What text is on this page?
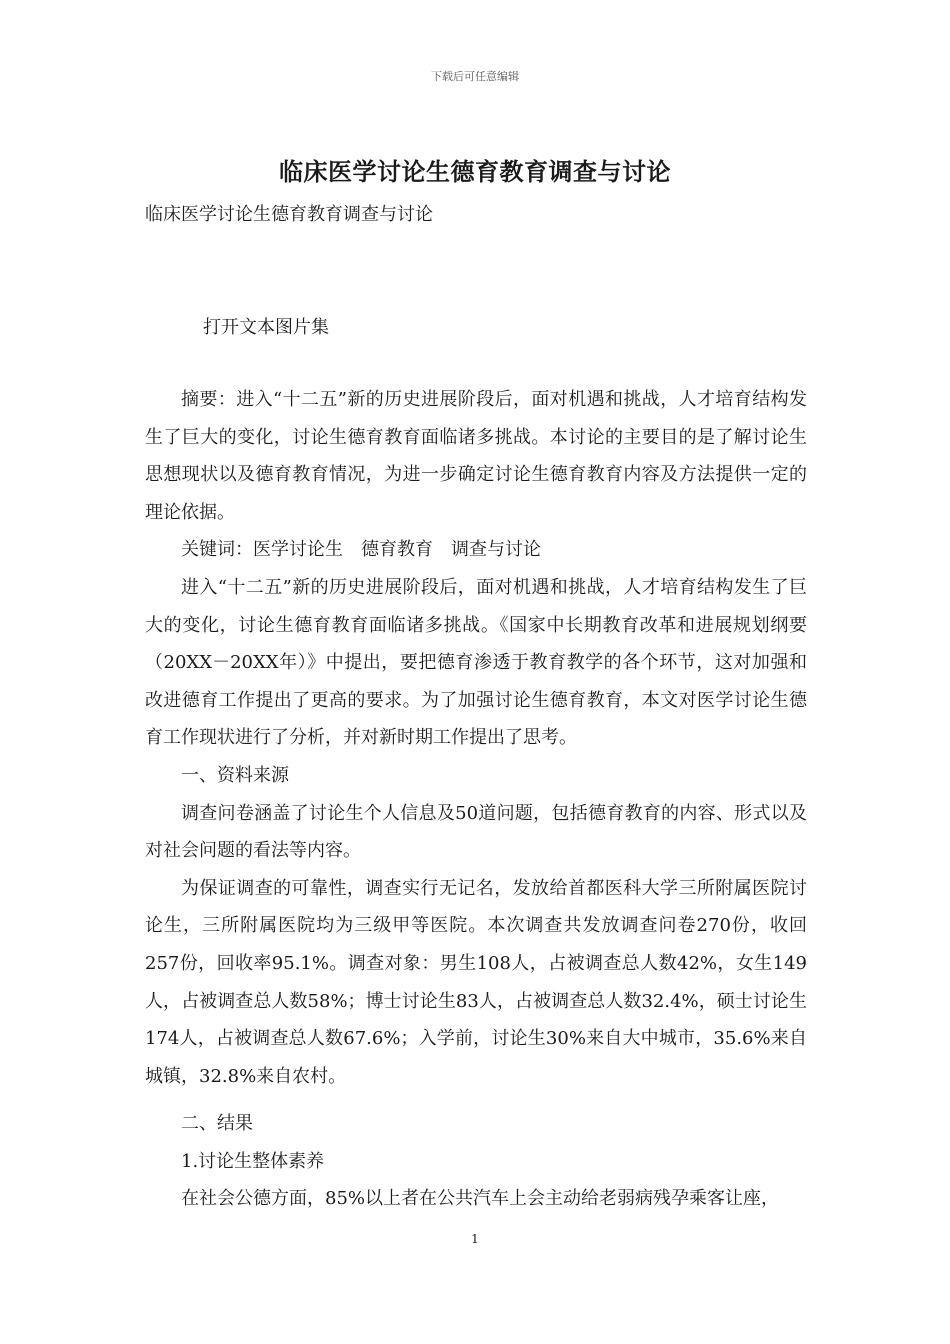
下载后可任意编辑
临床医学讨论生德育教育调查与讨论
临床医学讨论生德育教育调查与讨论
打开文本图片集

摘要：进入“十二五”新的历史进展阶段后，面对机遇和挑战，人才培育结构发生了巨大的变化，讨论生德育教育面临诸多挑战。本讨论的主要目的是了解讨论生思想现状以及德育教育情况，为进一步确定讨论生德育教育内容及方法提供一定的理论依据。

关键词：医学讨论生　德育教育　调查与讨论

进入“十二五”新的历史进展阶段后，面对机遇和挑战，人才培育结构发生了巨大的变化，讨论生德育教育面临诸多挑战。《国家中长期教育改革和进展规划纲要（20XX－20XX年）》中提出，要把德育渗透于教育教学的各个环节，这对加强和改进德育工作提出了更高的要求。为了加强讨论生德育教育，本文对医学讨论生德育工作现状进行了分析，并对新时期工作提出了思考。

一、资料来源

调查问卷涵盖了讨论生个人信息及50道问题，包括德育教育的内容、形式以及对社会问题的看法等内容。

为保证调查的可靠性，调查实行无记名，发放给首都医科大学三所附属医院讨论生，三所附属医院均为三级甲等医院。本次调查共发放调查问卷270份，收回257份，回收率95.1%。调查对象：男生108人，占被调查总人数42%，女生149人，占被调查总人数58%；博士讨论生83人，占被调查总人数32.4%，硕士讨论生174人，占被调查总人数67.6%；入学前，讨论生30%来自大中城市，35.6%来自城镇，32.8%来自农村。

二、结果

1.讨论生整体素养

在社会公德方面，85%以上者在公共汽车上会主动给老弱病残孕乘客让座，

1
